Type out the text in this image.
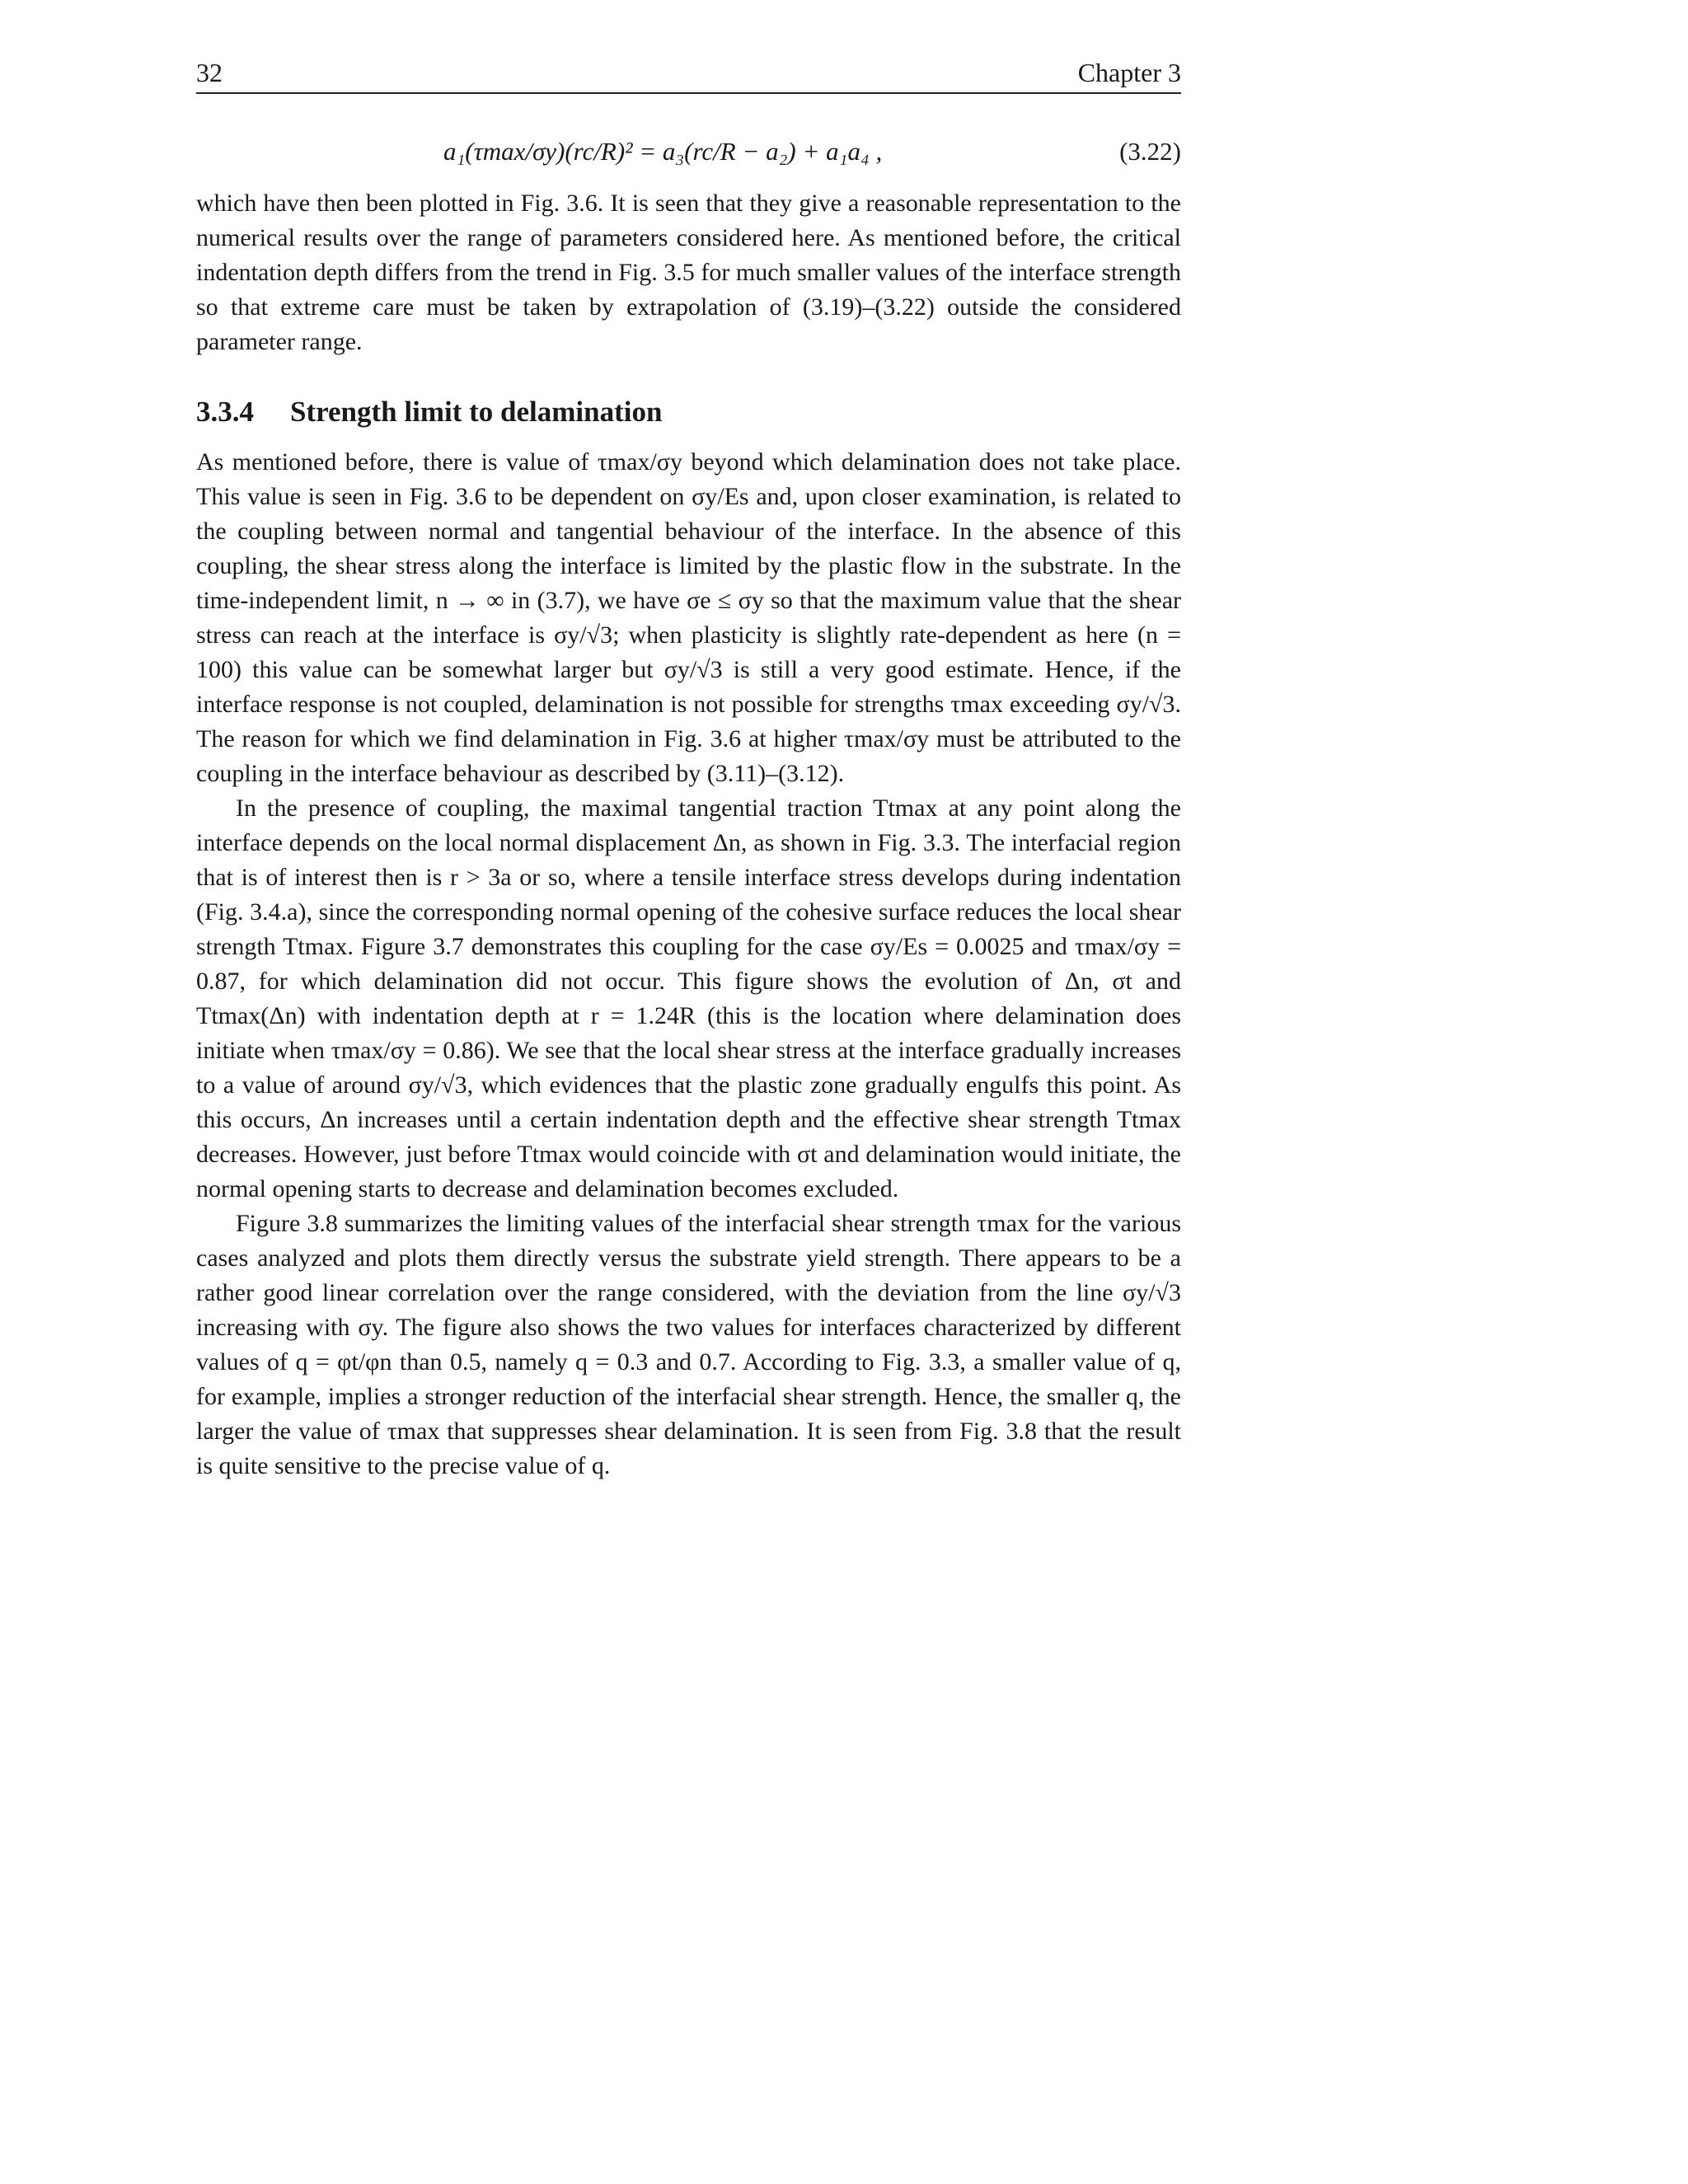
32	Chapter 3
a₁(τmax/σy)(rc/R)² = a₃(rc/R − a₂) + a₁a₄ ,	(3.22)

which have then been plotted in Fig. 3.6. It is seen that they give a reasonable representation to the numerical results over the range of parameters considered here. As mentioned before, the critical indentation depth differs from the trend in Fig. 3.5 for much smaller values of the interface strength so that extreme care must be taken by extrapolation of (3.19)–(3.22) outside the considered parameter range.

3.3.4 Strength limit to delamination

As mentioned before, there is value of τmax/σy beyond which delamination does not take place. This value is seen in Fig. 3.6 to be dependent on σy/Es and, upon closer examination, is related to the coupling between normal and tangential behaviour of the interface. In the absence of this coupling, the shear stress along the interface is limited by the plastic flow in the substrate. In the time-independent limit, n → ∞ in (3.7), we have σe ≤ σy so that the maximum value that the shear stress can reach at the interface is σy/√3; when plasticity is slightly rate-dependent as here (n = 100) this value can be somewhat larger but σy/√3 is still a very good estimate. Hence, if the interface response is not coupled, delamination is not possible for strengths τmax exceeding σy/√3. The reason for which we find delamination in Fig. 3.6 at higher τmax/σy must be attributed to the coupling in the interface behaviour as described by (3.11)–(3.12).

In the presence of coupling, the maximal tangential traction Ttmax at any point along the interface depends on the local normal displacement Δn, as shown in Fig. 3.3. The interfacial region that is of interest then is r > 3a or so, where a tensile interface stress develops during indentation (Fig. 3.4.a), since the corresponding normal opening of the cohesive surface reduces the local shear strength Ttmax. Figure 3.7 demonstrates this coupling for the case σy/Es = 0.0025 and τmax/σy = 0.87, for which delamination did not occur. This figure shows the evolution of Δn, σt and Ttmax(Δn) with indentation depth at r = 1.24R (this is the location where delamination does initiate when τmax/σy = 0.86). We see that the local shear stress at the interface gradually increases to a value of around σy/√3, which evidences that the plastic zone gradually engulfs this point. As this occurs, Δn increases until a certain indentation depth and the effective shear strength Ttmax decreases. However, just before Ttmax would coincide with σt and delamination would initiate, the normal opening starts to decrease and delamination becomes excluded.

Figure 3.8 summarizes the limiting values of the interfacial shear strength τmax for the various cases analyzed and plots them directly versus the substrate yield strength. There appears to be a rather good linear correlation over the range considered, with the deviation from the line σy/√3 increasing with σy. The figure also shows the two values for interfaces characterized by different values of q = φt/φn than 0.5, namely q = 0.3 and 0.7. According to Fig. 3.3, a smaller value of q, for example, implies a stronger reduction of the interfacial shear strength. Hence, the smaller q, the larger the value of τmax that suppresses shear delamination. It is seen from Fig. 3.8 that the result is quite sensitive to the precise value of q.
